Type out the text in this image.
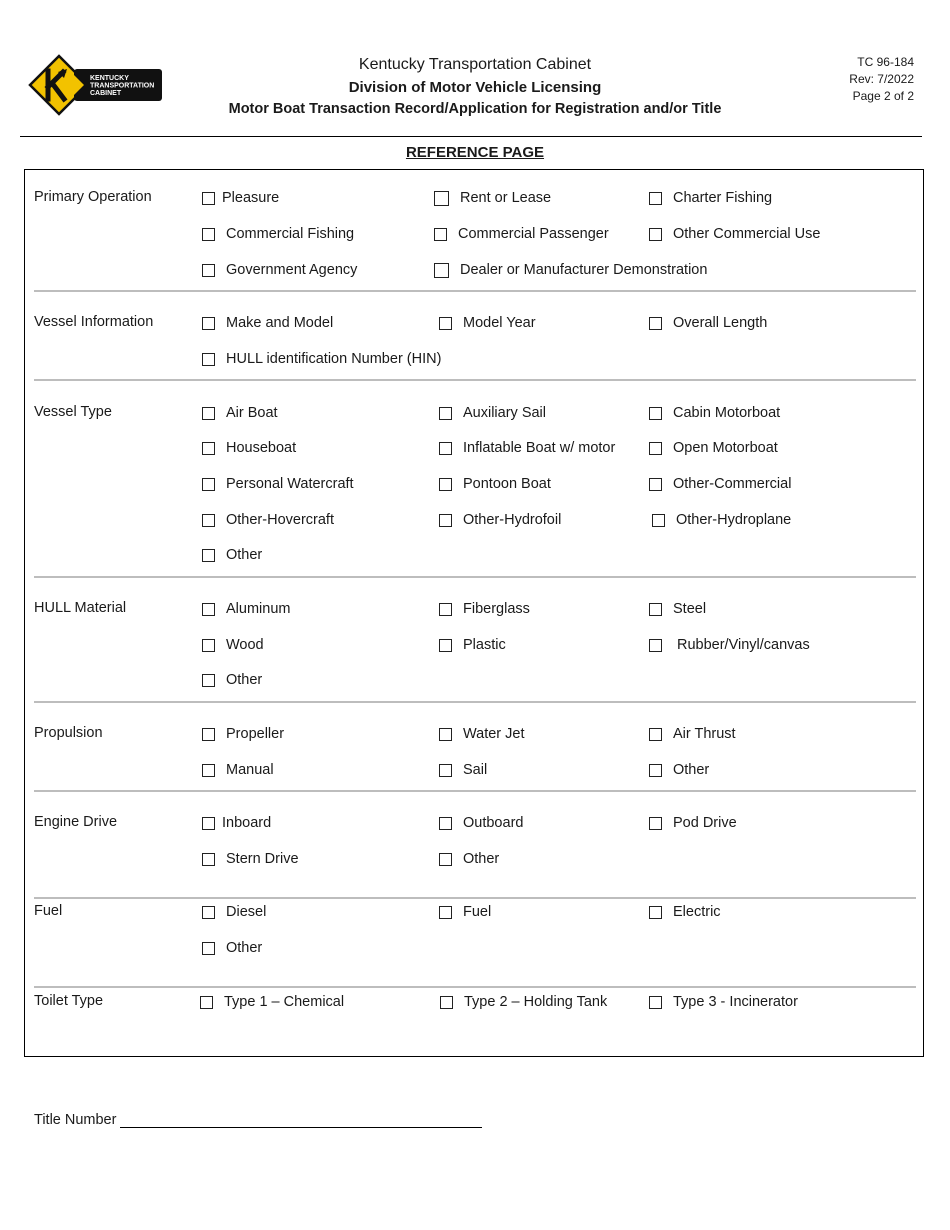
KENTUCKY
TRANSPORTATION
CABINET
Kentucky Transportation Cabinet
Division of Motor Vehicle Licensing
Motor Boat Transaction Record/Application for Registration and/or Title
TC 96-184
Rev: 7/2022
Page 2 of 2
REFERENCE PAGE
Primary Operation	Pleasure	Rent or Lease	Charter Fishing
Commercial Fishing	Commercial Passenger	Other Commercial Use
Government Agency	Dealer or Manufacturer Demonstration
Vessel Information	Make and Model	Model Year	Overall Length
HULL identification Number (HIN)
Vessel Type	Air Boat	Auxiliary Sail	Cabin Motorboat
Houseboat	Inflatable Boat w/ motor	Open Motorboat
Personal Watercraft	Pontoon Boat	Other-Commercial
Other-Hovercraft	Other-Hydrofoil	Other-Hydroplane
Other
HULL Material	Aluminum	Fiberglass	Steel
Wood	Plastic	Rubber/Vinyl/canvas
Other
Propulsion	Propeller	Water Jet	Air Thrust
Manual	Sail	Other
Engine Drive	Inboard	Outboard	Pod Drive
Stern Drive	Other
Fuel	Diesel	Fuel	Electric
Other
Toilet Type	Type 1 – Chemical	Type 2 – Holding Tank	Type 3 - Incinerator
Title Number
